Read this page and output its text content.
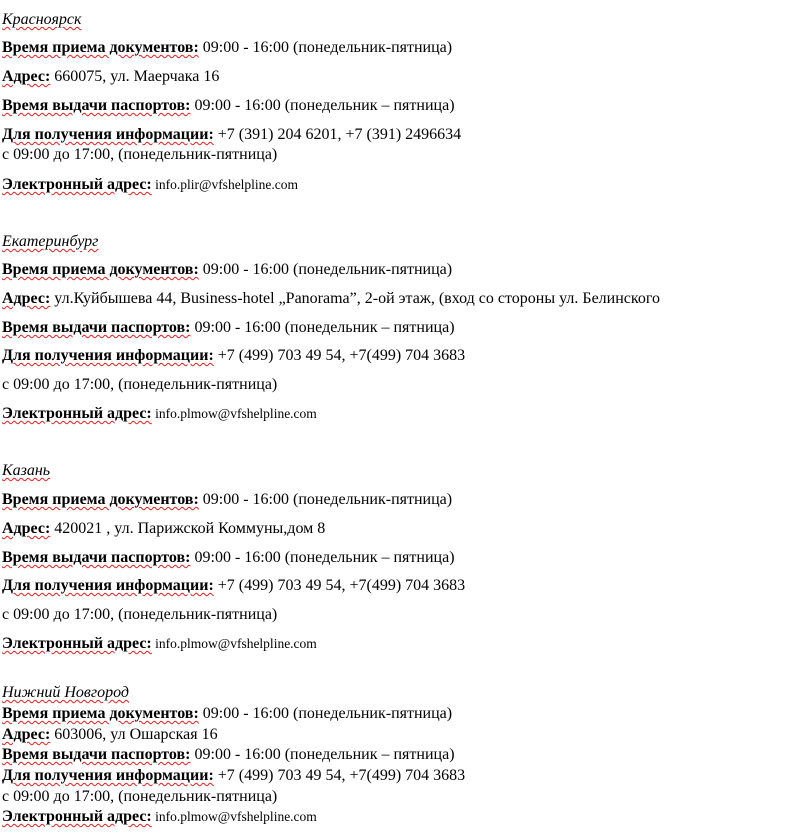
Красноярск
Время приема документов: 09:00 - 16:00 (понедельник-пятница)
Адрес: 660075, ул. Маерчака 16
Время выдачи паспортов: 09:00 - 16:00 (понедельник – пятница)
Для получения информации: +7 (391) 204 6201, +7 (391) 2496634
с 09:00 до 17:00, (понедельник-пятница)
Электронный адрес: info.plir@vfshelpline.com
Екатеринбург
Время приема документов: 09:00 - 16:00 (понедельник-пятница)
Адрес: ул.Куйбышева 44, Business-hotel „Panorama”, 2-ой этаж, (вход со стороны ул. Белинского
Время выдачи паспортов: 09:00 - 16:00 (понедельник – пятница)
Для получения информации: +7 (499) 703 49 54, +7(499) 704 3683
с 09:00 до 17:00, (понедельник-пятница)
Электронный адрес: info.plmow@vfshelpline.com
Казань
Время приема документов: 09:00 - 16:00 (понедельник-пятница)
Адрес: 420021 , ул. Парижской Коммуны,дом 8
Время выдачи паспортов: 09:00 - 16:00 (понедельник – пятница)
Для получения информации: +7 (499) 703 49 54, +7(499) 704 3683
с 09:00 до 17:00, (понедельник-пятница)
Электронный адрес: info.plmow@vfshelpline.com
Нижний Новгород
Время приема документов: 09:00 - 16:00 (понедельник-пятница)
Адрес: 603006, ул Ошарская 16
Время выдачи паспортов: 09:00 - 16:00 (понедельник – пятница)
Для получения информации: +7 (499) 703 49 54, +7(499) 704 3683
с 09:00 до 17:00, (понедельник-пятница)
Электронный адрес: info.plmow@vfshelpline.com
